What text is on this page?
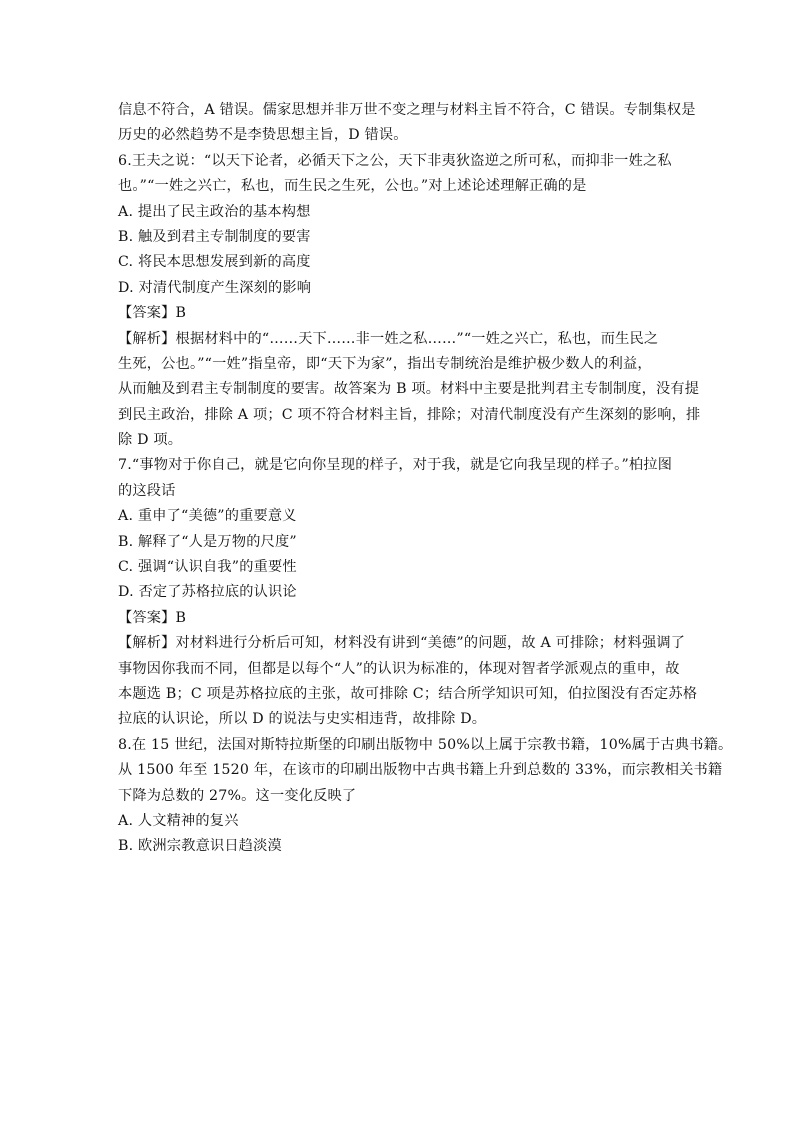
信息不符合，A 错误。儒家思想并非万世不变之理与材料主旨不符合，C 错误。专制集权是
历史的必然趋势不是李贽思想主旨，D 错误。
6.王夫之说：“以天下论者，必循天下之公，天下非夷狄盗逆之所可私，而抑非一姓之私
也。”“一姓之兴亡，私也，而生民之生死，公也。”对上述论述理解正确的是
A. 提出了民主政治的基本构想
B. 触及到君主专制制度的要害
C. 将民本思想发展到新的高度
D. 对清代制度产生深刻的影响
【答案】B
【解析】根据材料中的“……天下……非一姓之私……”“一姓之兴亡，私也，而生民之
生死，公也。”“一姓”指皇帝，即“天下为家”，指出专制统治是维护极少数人的利益，
从而触及到君主专制制度的要害。故答案为 B 项。材料中主要是批判君主专制制度，没有提
到民主政治，排除 A 项；C 项不符合材料主旨，排除；对清代制度没有产生深刻的影响，排
除 D 项。
7.“事物对于你自己，就是它向你呈现的样子，对于我，就是它向我呈现的样子。”柏拉图
的这段话
A. 重申了“美德”的重要意义
B. 解释了“人是万物的尺度”
C. 强调“认识自我”的重要性
D. 否定了苏格拉底的认识论
【答案】B
【解析】对材料进行分析后可知，材料没有讲到“美德”的问题，故 A 可排除；材料强调了
事物因你我而不同，但都是以每个“人”的认识为标准的，体现对智者学派观点的重申，故
本题选 B；C 项是苏格拉底的主张，故可排除 C；结合所学知识可知，伯拉图没有否定苏格
拉底的认识论，所以 D 的说法与史实相违背，故排除 D。
8.在 15 世纪，法国对斯特拉斯堡的印刷出版物中 50%以上属于宗教书籍，10%属于古典书籍。
从 1500 年至 1520 年，在该市的印刷出版物中古典书籍上升到总数的 33%，而宗教相关书籍
下降为总数的 27%。这一变化反映了
A. 人文精神的复兴
B. 欧洲宗教意识日趋淡漠
